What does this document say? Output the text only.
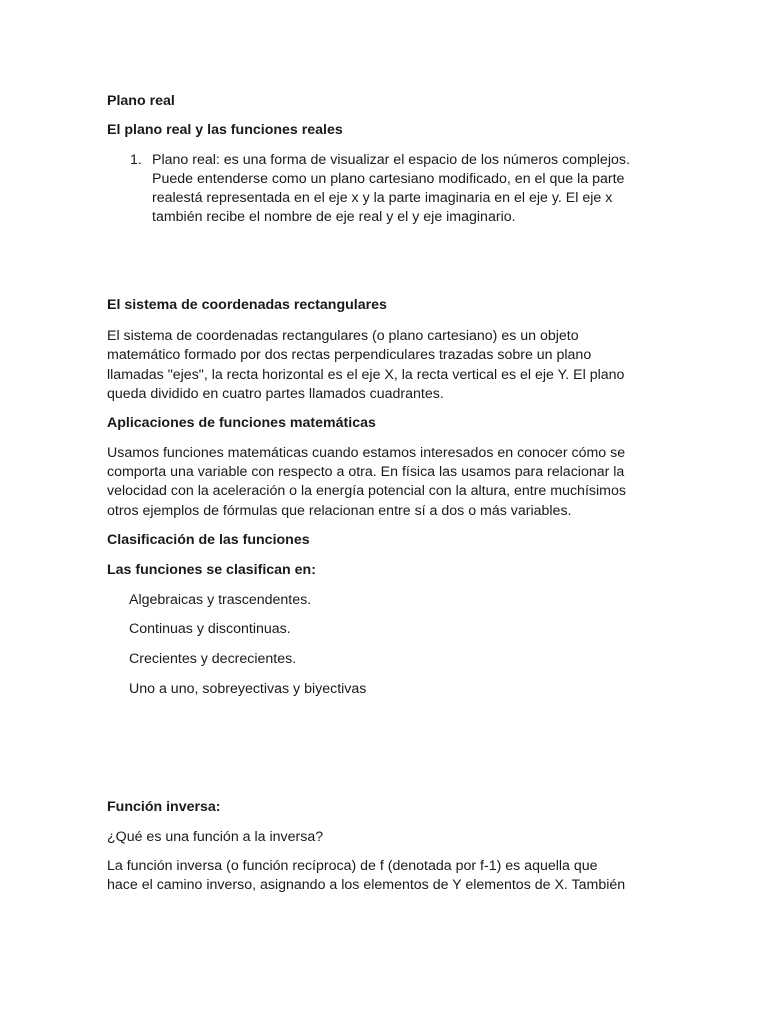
Plano real
El plano real y las funciones reales
1. Plano real: es una forma de visualizar el espacio de los números complejos.
Puede entenderse como un plano cartesiano modificado, en el que la parte
realestá representada en el eje x y la parte imaginaria en el eje y. El eje x
también recibe el nombre de eje real y el y eje imaginario.
El sistema de coordenadas rectangulares
El sistema de coordenadas rectangulares (o plano cartesiano) es un objeto
matemático formado por dos rectas perpendiculares trazadas sobre un plano
llamadas "ejes", la recta horizontal es el eje X, la recta vertical es el eje Y. El plano
queda dividido en cuatro partes llamados cuadrantes.
Aplicaciones de funciones matemáticas
Usamos funciones matemáticas cuando estamos interesados en conocer cómo se
comporta una variable con respecto a otra. En física las usamos para relacionar la
velocidad con la aceleración o la energía potencial con la altura, entre muchísimos
otros ejemplos de fórmulas que relacionan entre sí a dos o más variables.
Clasificación de las funciones
Las funciones se clasifican en:
Algebraicas y trascendentes.
Continuas y discontinuas.
Crecientes y decrecientes.
Uno a uno, sobreyectivas y biyectivas
Función inversa:
¿Qué es una función a la inversa?
La función inversa (o función recíproca) de f (denotada por f-1) es aquella que
hace el camino inverso, asignando a los elementos de Y elementos de X. También
